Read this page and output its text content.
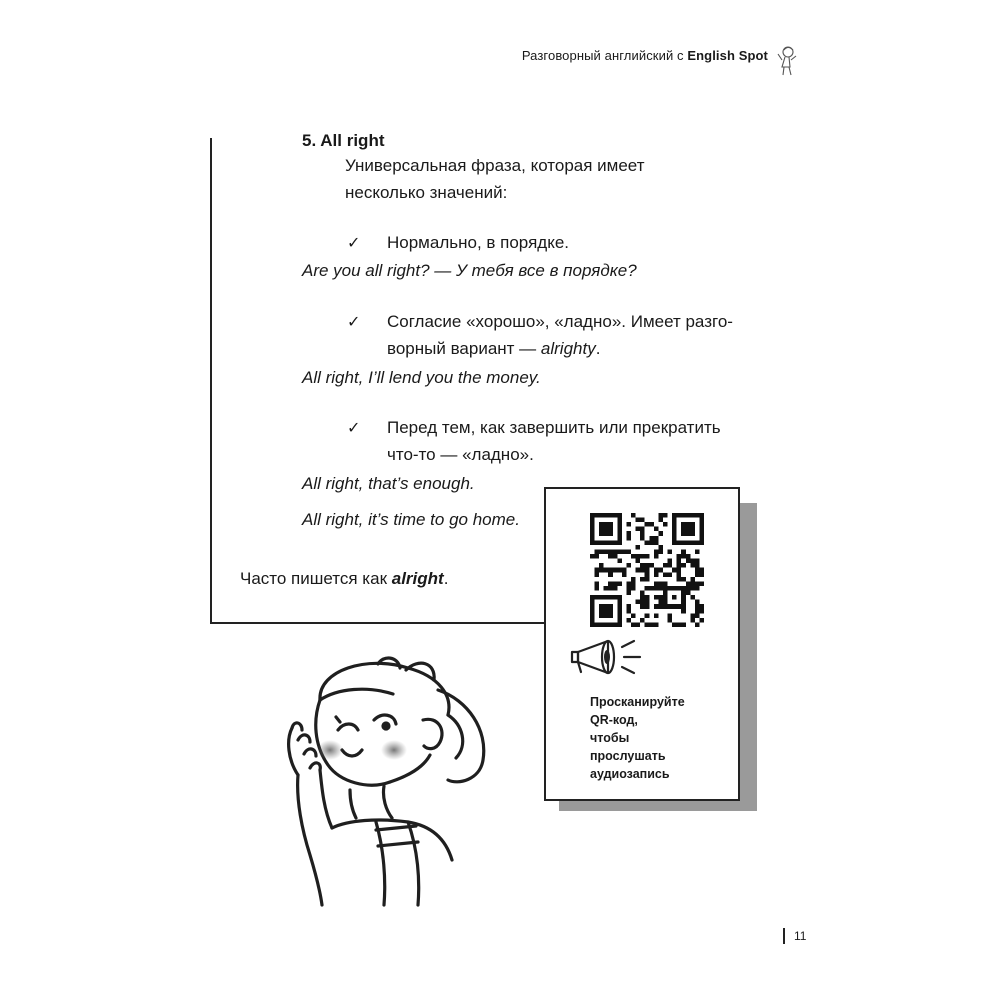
Разговорный английский с English Spot
5. All right
Универсальная фраза, которая имеет
несколько значений:
✓ Нормально, в порядке.
Are you all right? — У тебя все в порядке?
✓ Согласие «хорошо», «ладно». Имеет разго-
ворный вариант — alrighty.
All right, I’ll lend you the money.
✓ Перед тем, как завершить или прекратить
что-то — «ладно».
All right, that’s enough.
All right, it’s time to go home.
Часто пишется как alright.
Просканируйте
QR-код,
чтобы
прослушать
аудиозапись
11
